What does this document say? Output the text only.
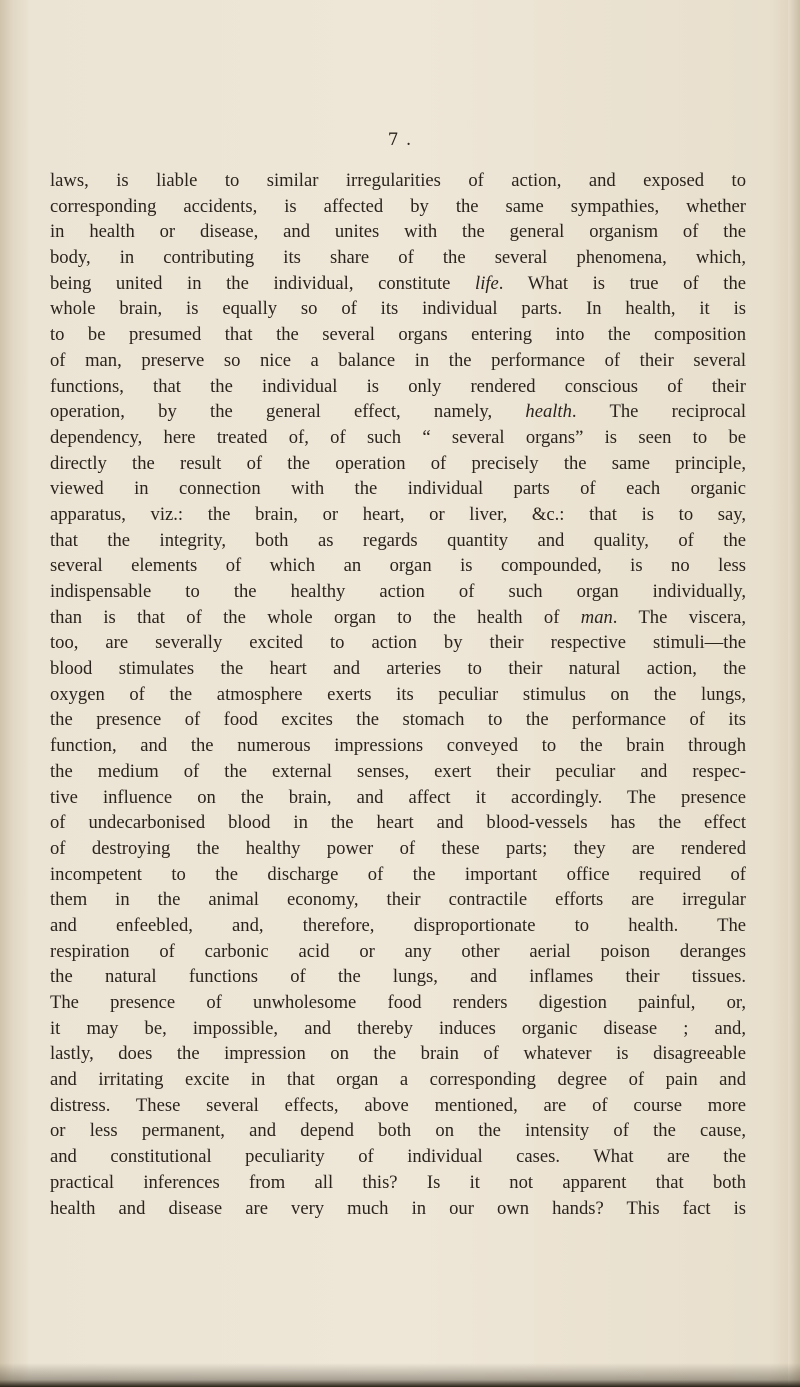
7 .
laws, is liable to similar irregularities of action, and exposed to
corresponding accidents, is affected by the same sympathies, whether
in health or disease, and unites with the general organism of the
body, in contributing its share of the several phenomena, which,
being united in the individual, constitute life. What is true of the
whole brain, is equally so of its individual parts. In health, it is
to be presumed that the several organs entering into the composition
of man, preserve so nice a balance in the performance of their several
functions, that the individual is only rendered conscious of their
operation, by the general effect, namely, health. The reciprocal
dependency, here treated of, of such “ several organs” is seen to be
directly the result of the operation of precisely the same principle,
viewed in connection with the individual parts of each organic
apparatus, viz.: the brain, or heart, or liver, &c.: that is to say,
that the integrity, both as regards quantity and quality, of the
several elements of which an organ is compounded, is no less
indispensable to the healthy action of such organ individually,
than is that of the whole organ to the health of man. The viscera,
too, are severally excited to action by their respective stimuli—the
blood stimulates the heart and arteries to their natural action, the
oxygen of the atmosphere exerts its peculiar stimulus on the lungs,
the presence of food excites the stomach to the performance of its
function, and the numerous impressions conveyed to the brain through
the medium of the external senses, exert their peculiar and respec-
tive influence on the brain, and affect it accordingly. The presence
of undecarbonised blood in the heart and blood-vessels has the effect
of destroying the healthy power of these parts; they are rendered
incompetent to the discharge of the important office required of
them in the animal economy, their contractile efforts are irregular
and enfeebled, and, therefore, disproportionate to health. The
respiration of carbonic acid or any other aerial poison deranges
the natural functions of the lungs, and inflames their tissues.
The presence of unwholesome food renders digestion painful, or,
it may be, impossible, and thereby induces organic disease ; and,
lastly, does the impression on the brain of whatever is disagreeable
and irritating excite in that organ a corresponding degree of pain and
distress. These several effects, above mentioned, are of course more
or less permanent, and depend both on the intensity of the cause,
and constitutional peculiarity of individual cases. What are the
practical inferences from all this? Is it not apparent that both
health and disease are very much in our own hands? This fact is
